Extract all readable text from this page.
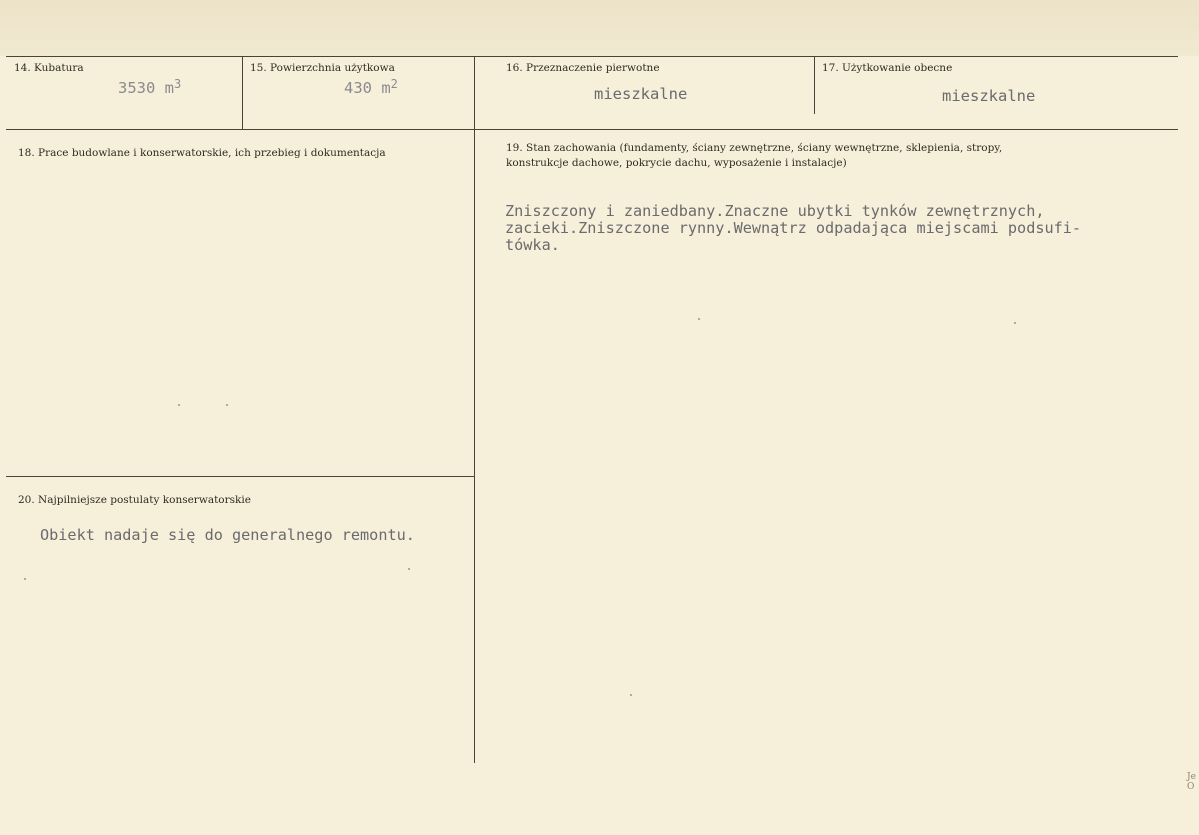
14. Kubatura
3530 $m^3$
15. Powierzchnia użytkowa
430 $m^2$
16. Przeznaczenie pierwotne
mieszkalne
17. Użytkowanie obecne
mieszkalne
18. Prace budowlane i konserwatorskie, ich przebieg i dokumentacja	19. Stan zachowania (fundamenty, ściany zewnętrzne, ściany wewnętrzne, sklepienia, stropy,
konstrukcje dachowe, pokrycie dachu, wyposażenie i instalacje)
Zniszczony i zaniedbany.Znaczne ubytki tynków zewnętrznych,
zacieki.Zniszczone rynny.Wewnątrz odpadająca miejscami podsufi-
tówka.
20. Najpilniejsze postulaty konserwatorskie
Obiekt nadaje się do generalnego remontu.
Je
O
